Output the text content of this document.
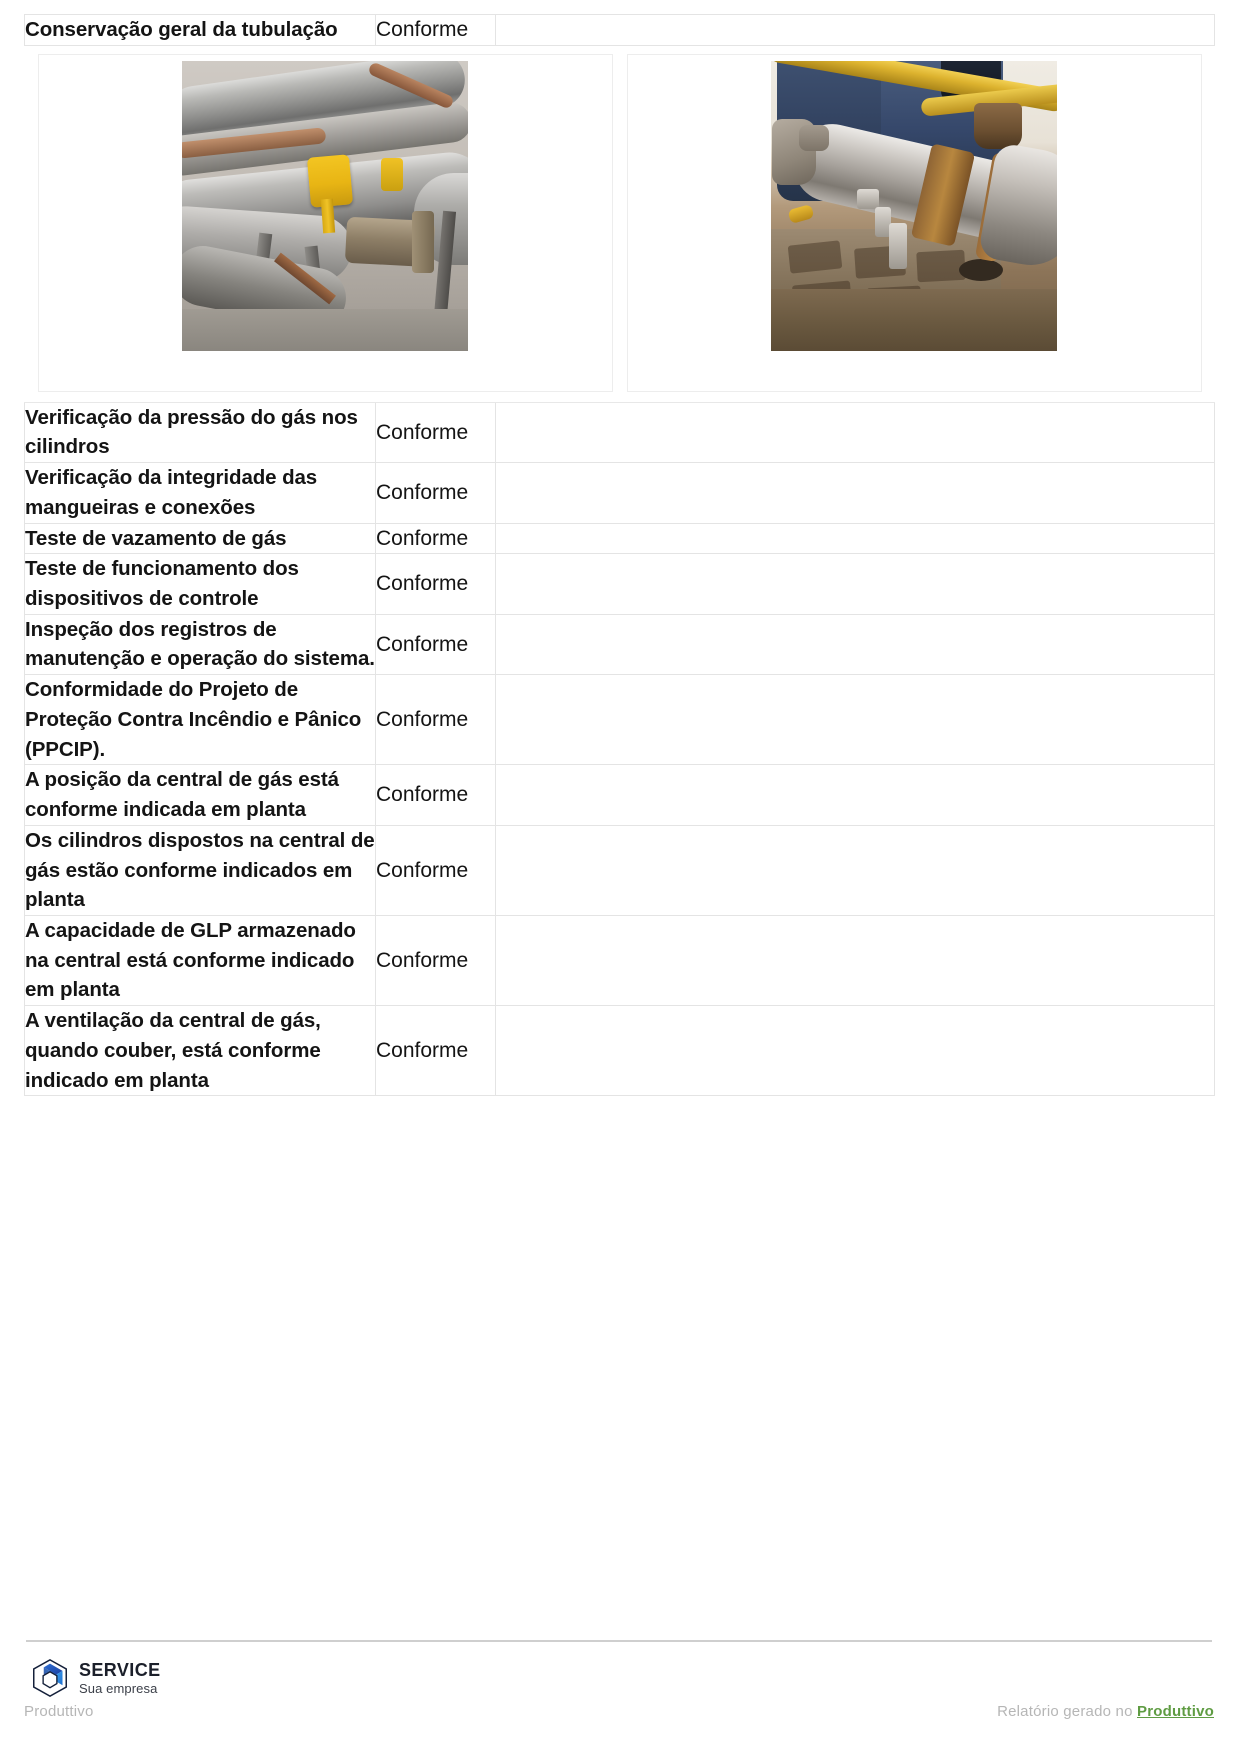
Conservação geral da tubulação	Conforme	

Verificação da pressão do gás nos cilindros	Conforme	
Verificação da integridade das mangueiras e conexões	Conforme	
Teste de vazamento de gás	Conforme	
Teste de funcionamento dos dispositivos de controle	Conforme	
Inspeção dos registros de manutenção e operação do sistema.	Conforme	
Conformidade do Projeto de Proteção Contra Incêndio e Pânico (PPCIP).	Conforme	
A posição da central de gás está conforme indicada em planta	Conforme	
Os cilindros dispostos na central de gás estão conforme indicados em planta	Conforme	
A capacidade de GLP armazenado na central está conforme indicado em planta	Conforme	
A ventilação da central de gás, quando couber, está conforme indicado em planta	Conforme	

SERVICE
Sua empresa
Produttivo	Relatório gerado no Produttivo
